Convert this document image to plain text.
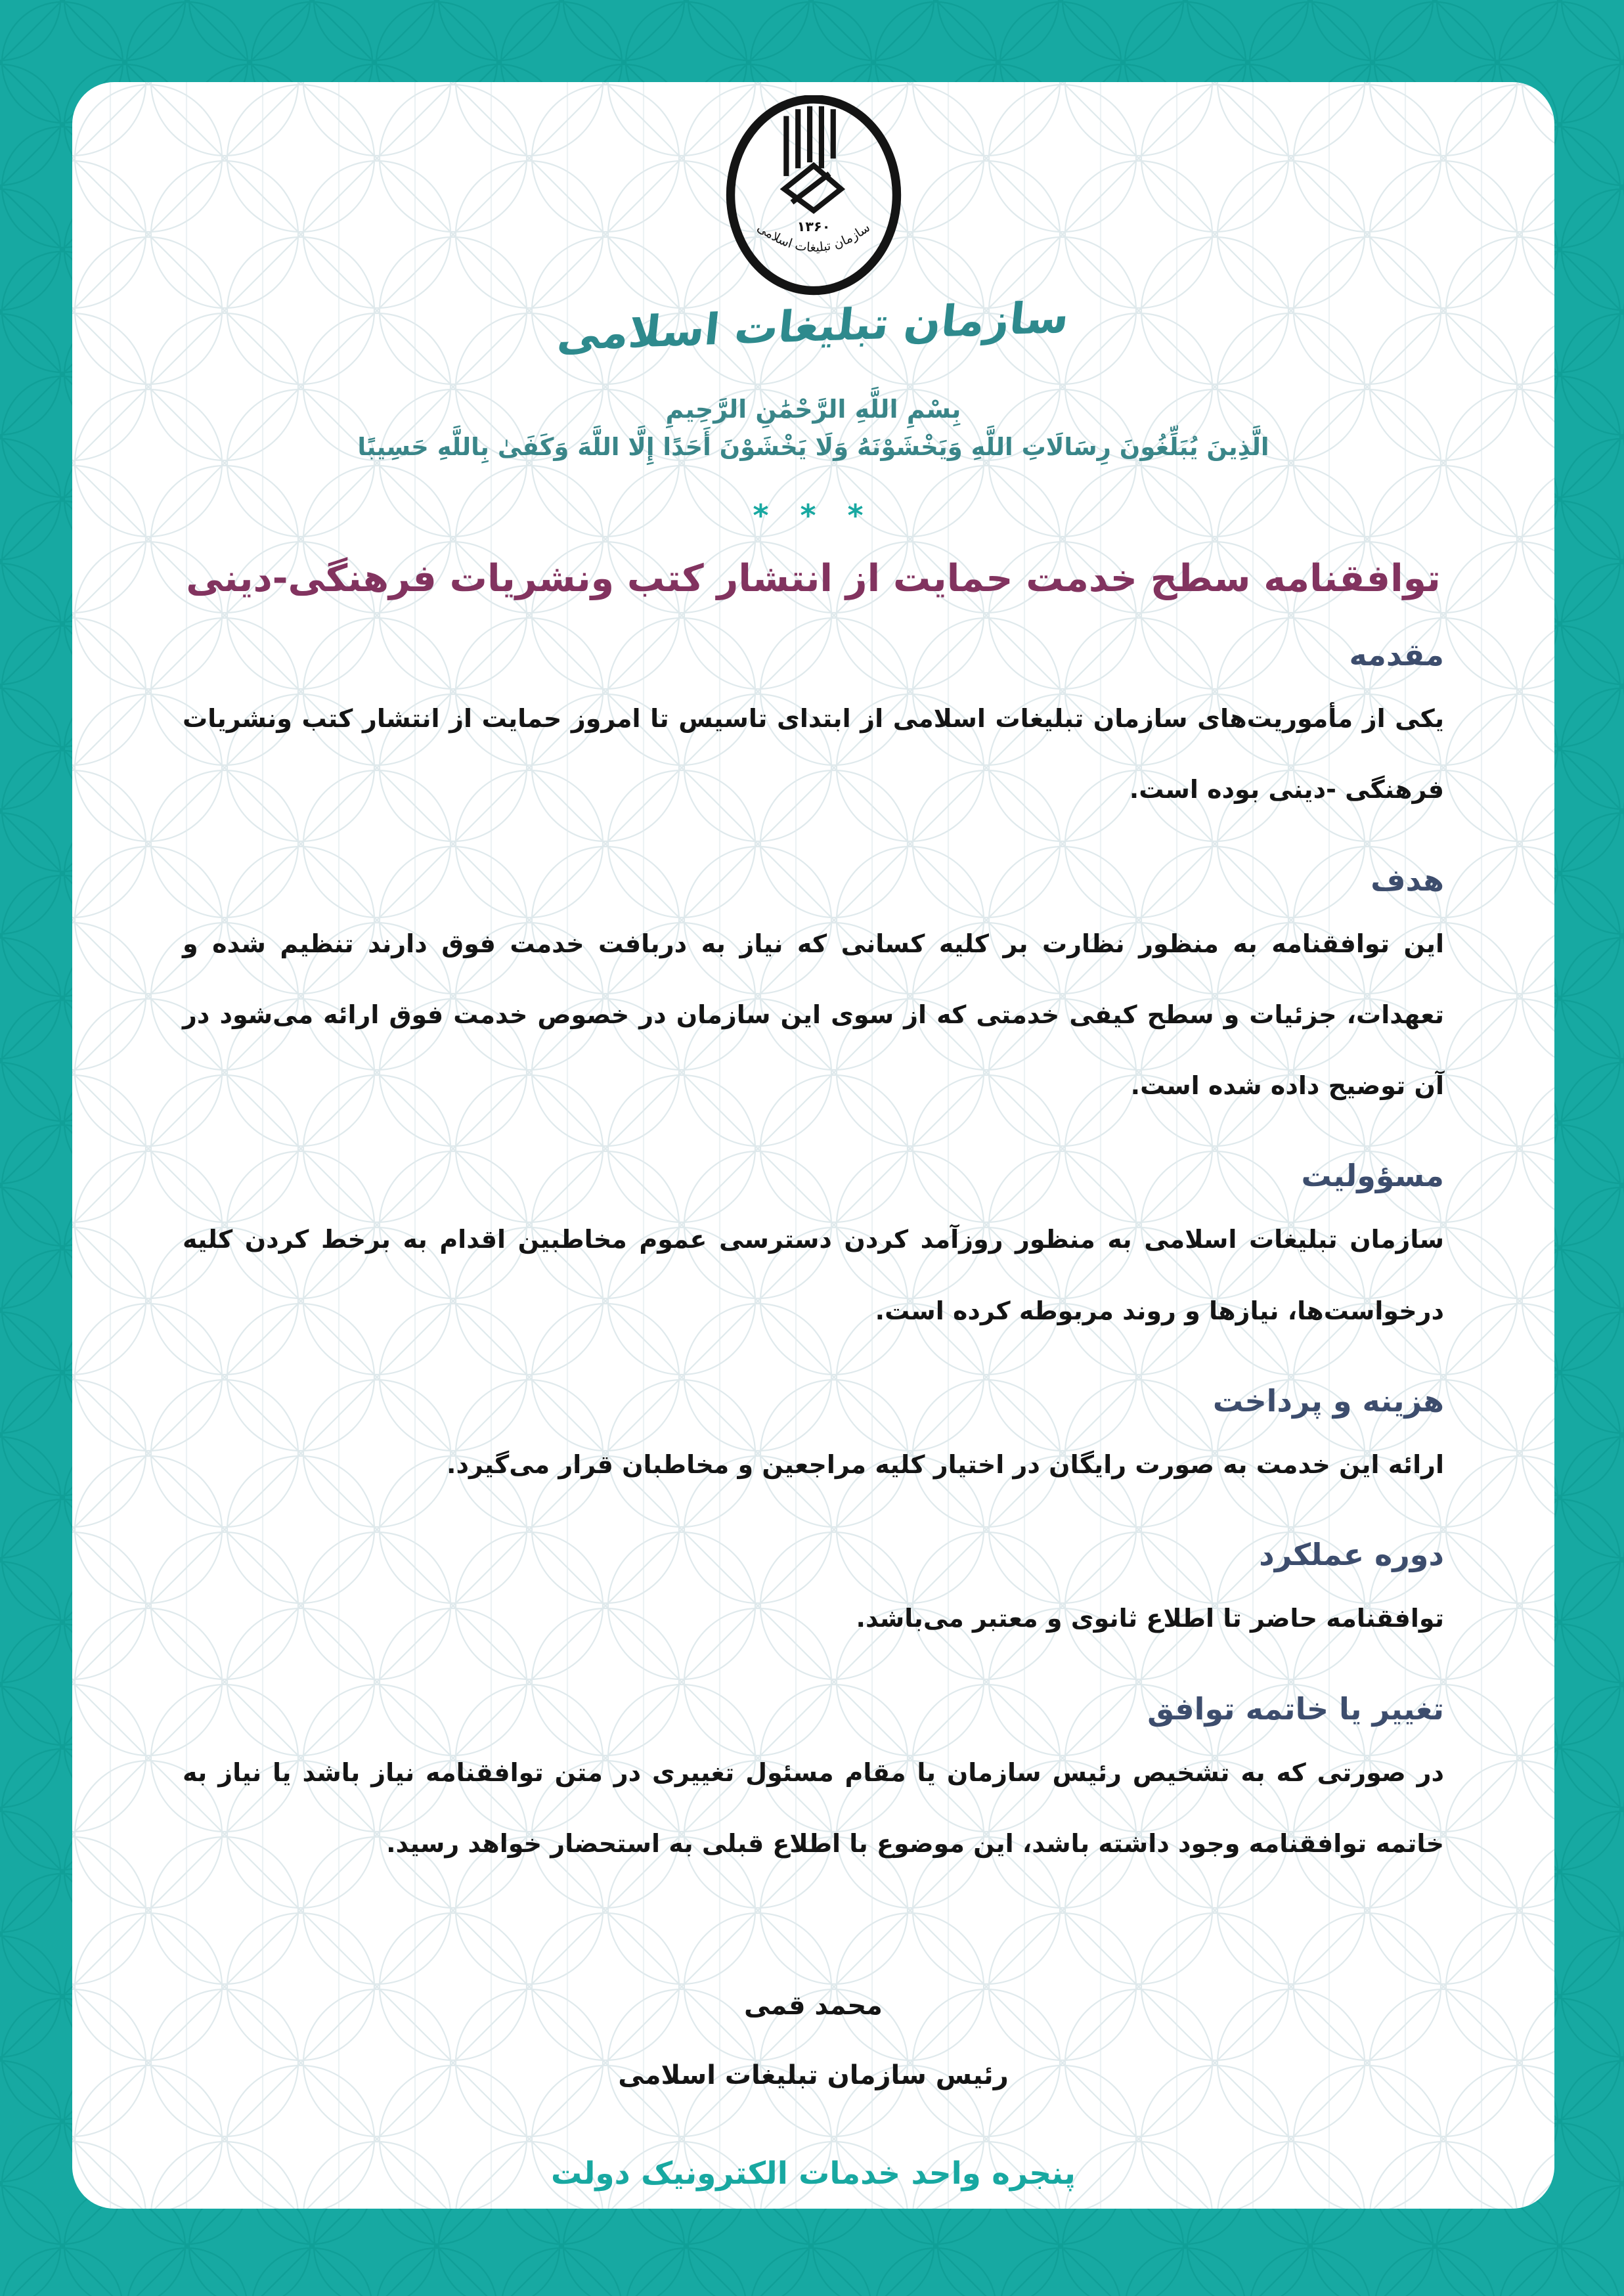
۱۳۶۰
سازمان تبلیغات اسلامی
سازمان تبلیغات اسلامی
بِسْمِ اللَّهِ الرَّحْمَٰنِ الرَّحِيمِ
الَّذِينَ يُبَلِّغُونَ رِسَالَاتِ اللَّهِ وَيَخْشَوْنَهُ وَلَا يَخْشَوْنَ أَحَدًا إِلَّا اللَّهَ وَكَفَىٰ بِاللَّهِ حَسِيبًا
* * *
توافقنامه سطح خدمت حمایت از انتشار کتب ونشریات فرهنگی-دینی
مقدمه

یکی از مأموریت‌های سازمان تبلیغات اسلامی از ابتدای تاسیس تا امروز حمایت از انتشار کتب ونشریات فرهنگی -دینی بوده است.

هدف

این توافقنامه به منظور نظارت بر کلیه کسانی که نیاز به دربافت خدمت فوق دارند تنظیم شده و تعهدات، جزئیات و سطح کیفی خدمتی که از سوی این سازمان در خصوص خدمت فوق ارائه می‌شود در آن توضیح داده شده است.

مسؤولیت

سازمان تبلیغات اسلامی به منظور روزآمد کردن دسترسی عموم مخاطبین اقدام به برخط کردن کلیه درخواست‌ها، نیازها و روند مربوطه کرده است.

هزینه و پرداخت

ارائه این خدمت به صورت رایگان در اختیار کلیه مراجعین و مخاطبان قرار می‌گیرد.

دوره عملکرد

توافقنامه حاضر تا اطلاع ثانوی و معتبر می‌باشد.

تغییر یا خاتمه توافق

در صورتی که به تشخیص رئیس سازمان یا مقام مسئول تغییری در متن توافقنامه نیاز باشد یا نیاز به خاتمه توافقنامه وجود داشته باشد، این موضوع با اطلاع قبلی به استحضار خواهد رسید.

محمد قمی
رئیس سازمان تبلیغات اسلامی
پنجره واحد خدمات الکترونیک دولت
